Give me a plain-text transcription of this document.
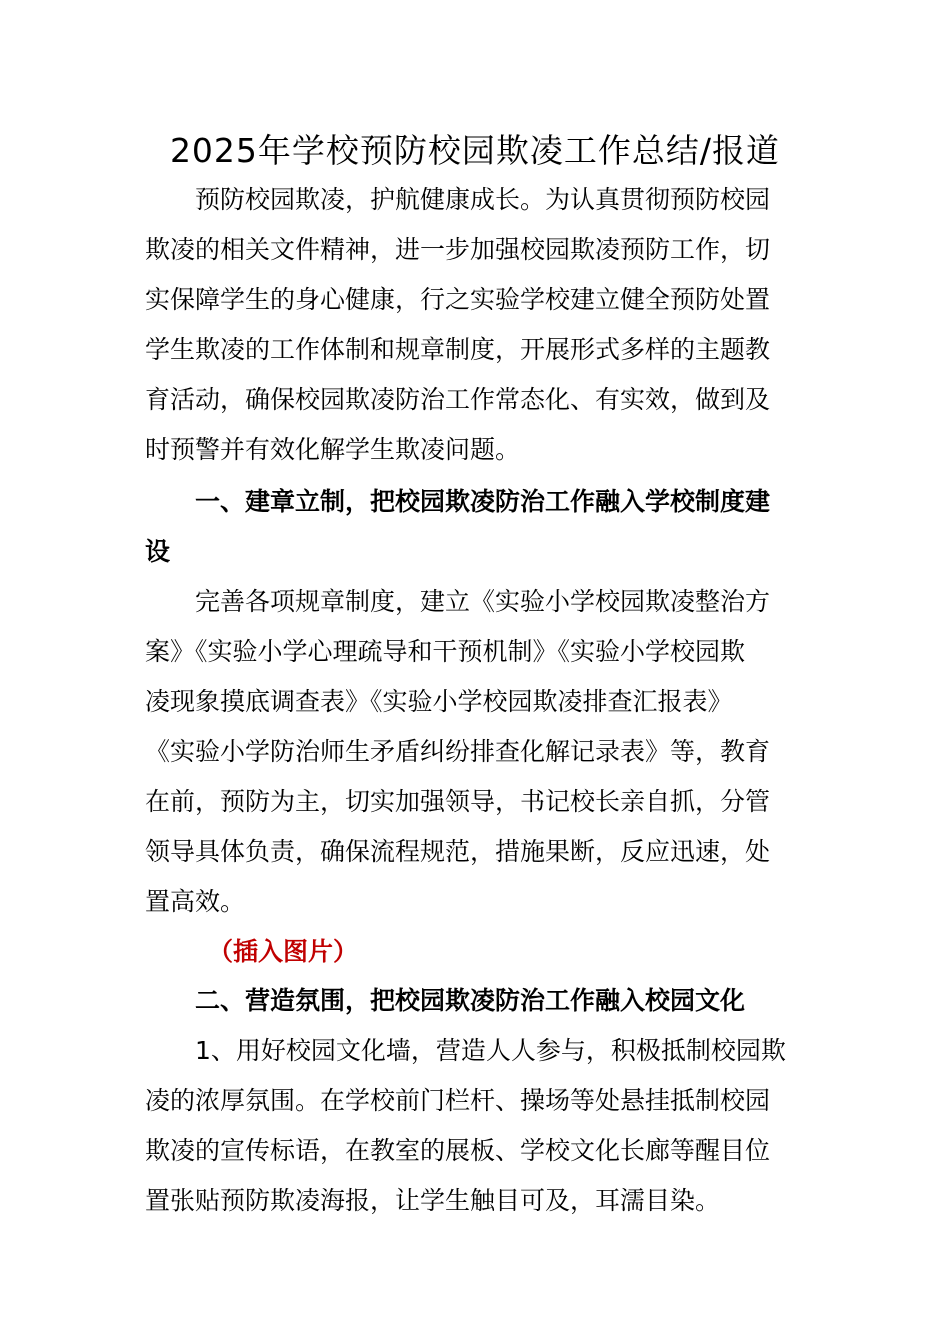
2025年学校预防校园欺凌工作总结/报道
预防校园欺凌，护航健康成长。为认真贯彻预防校园
欺凌的相关文件精神，进一步加强校园欺凌预防工作，切
实保障学生的身心健康，行之实验学校建立健全预防处置
学生欺凌的工作体制和规章制度，开展形式多样的主题教
育活动，确保校园欺凌防治工作常态化、有实效，做到及
时预警并有效化解学生欺凌问题。
一、建章立制，把校园欺凌防治工作融入学校制度建
设
完善各项规章制度，建立《实验小学校园欺凌整治方
案》《实验小学心理疏导和干预机制》《实验小学校园欺
凌现象摸底调查表》《实验小学校园欺凌排查汇报表》
《实验小学防治师生矛盾纠纷排查化解记录表》等，教育
在前，预防为主，切实加强领导，书记校长亲自抓，分管
领导具体负责，确保流程规范，措施果断，反应迅速，处
置高效。
（插入图片）
二、营造氛围，把校园欺凌防治工作融入校园文化
1、用好校园文化墙，营造人人参与，积极抵制校园欺
凌的浓厚氛围。在学校前门栏杆、操场等处悬挂抵制校园
欺凌的宣传标语，在教室的展板、学校文化长廊等醒目位
置张贴预防欺凌海报，让学生触目可及，耳濡目染。
